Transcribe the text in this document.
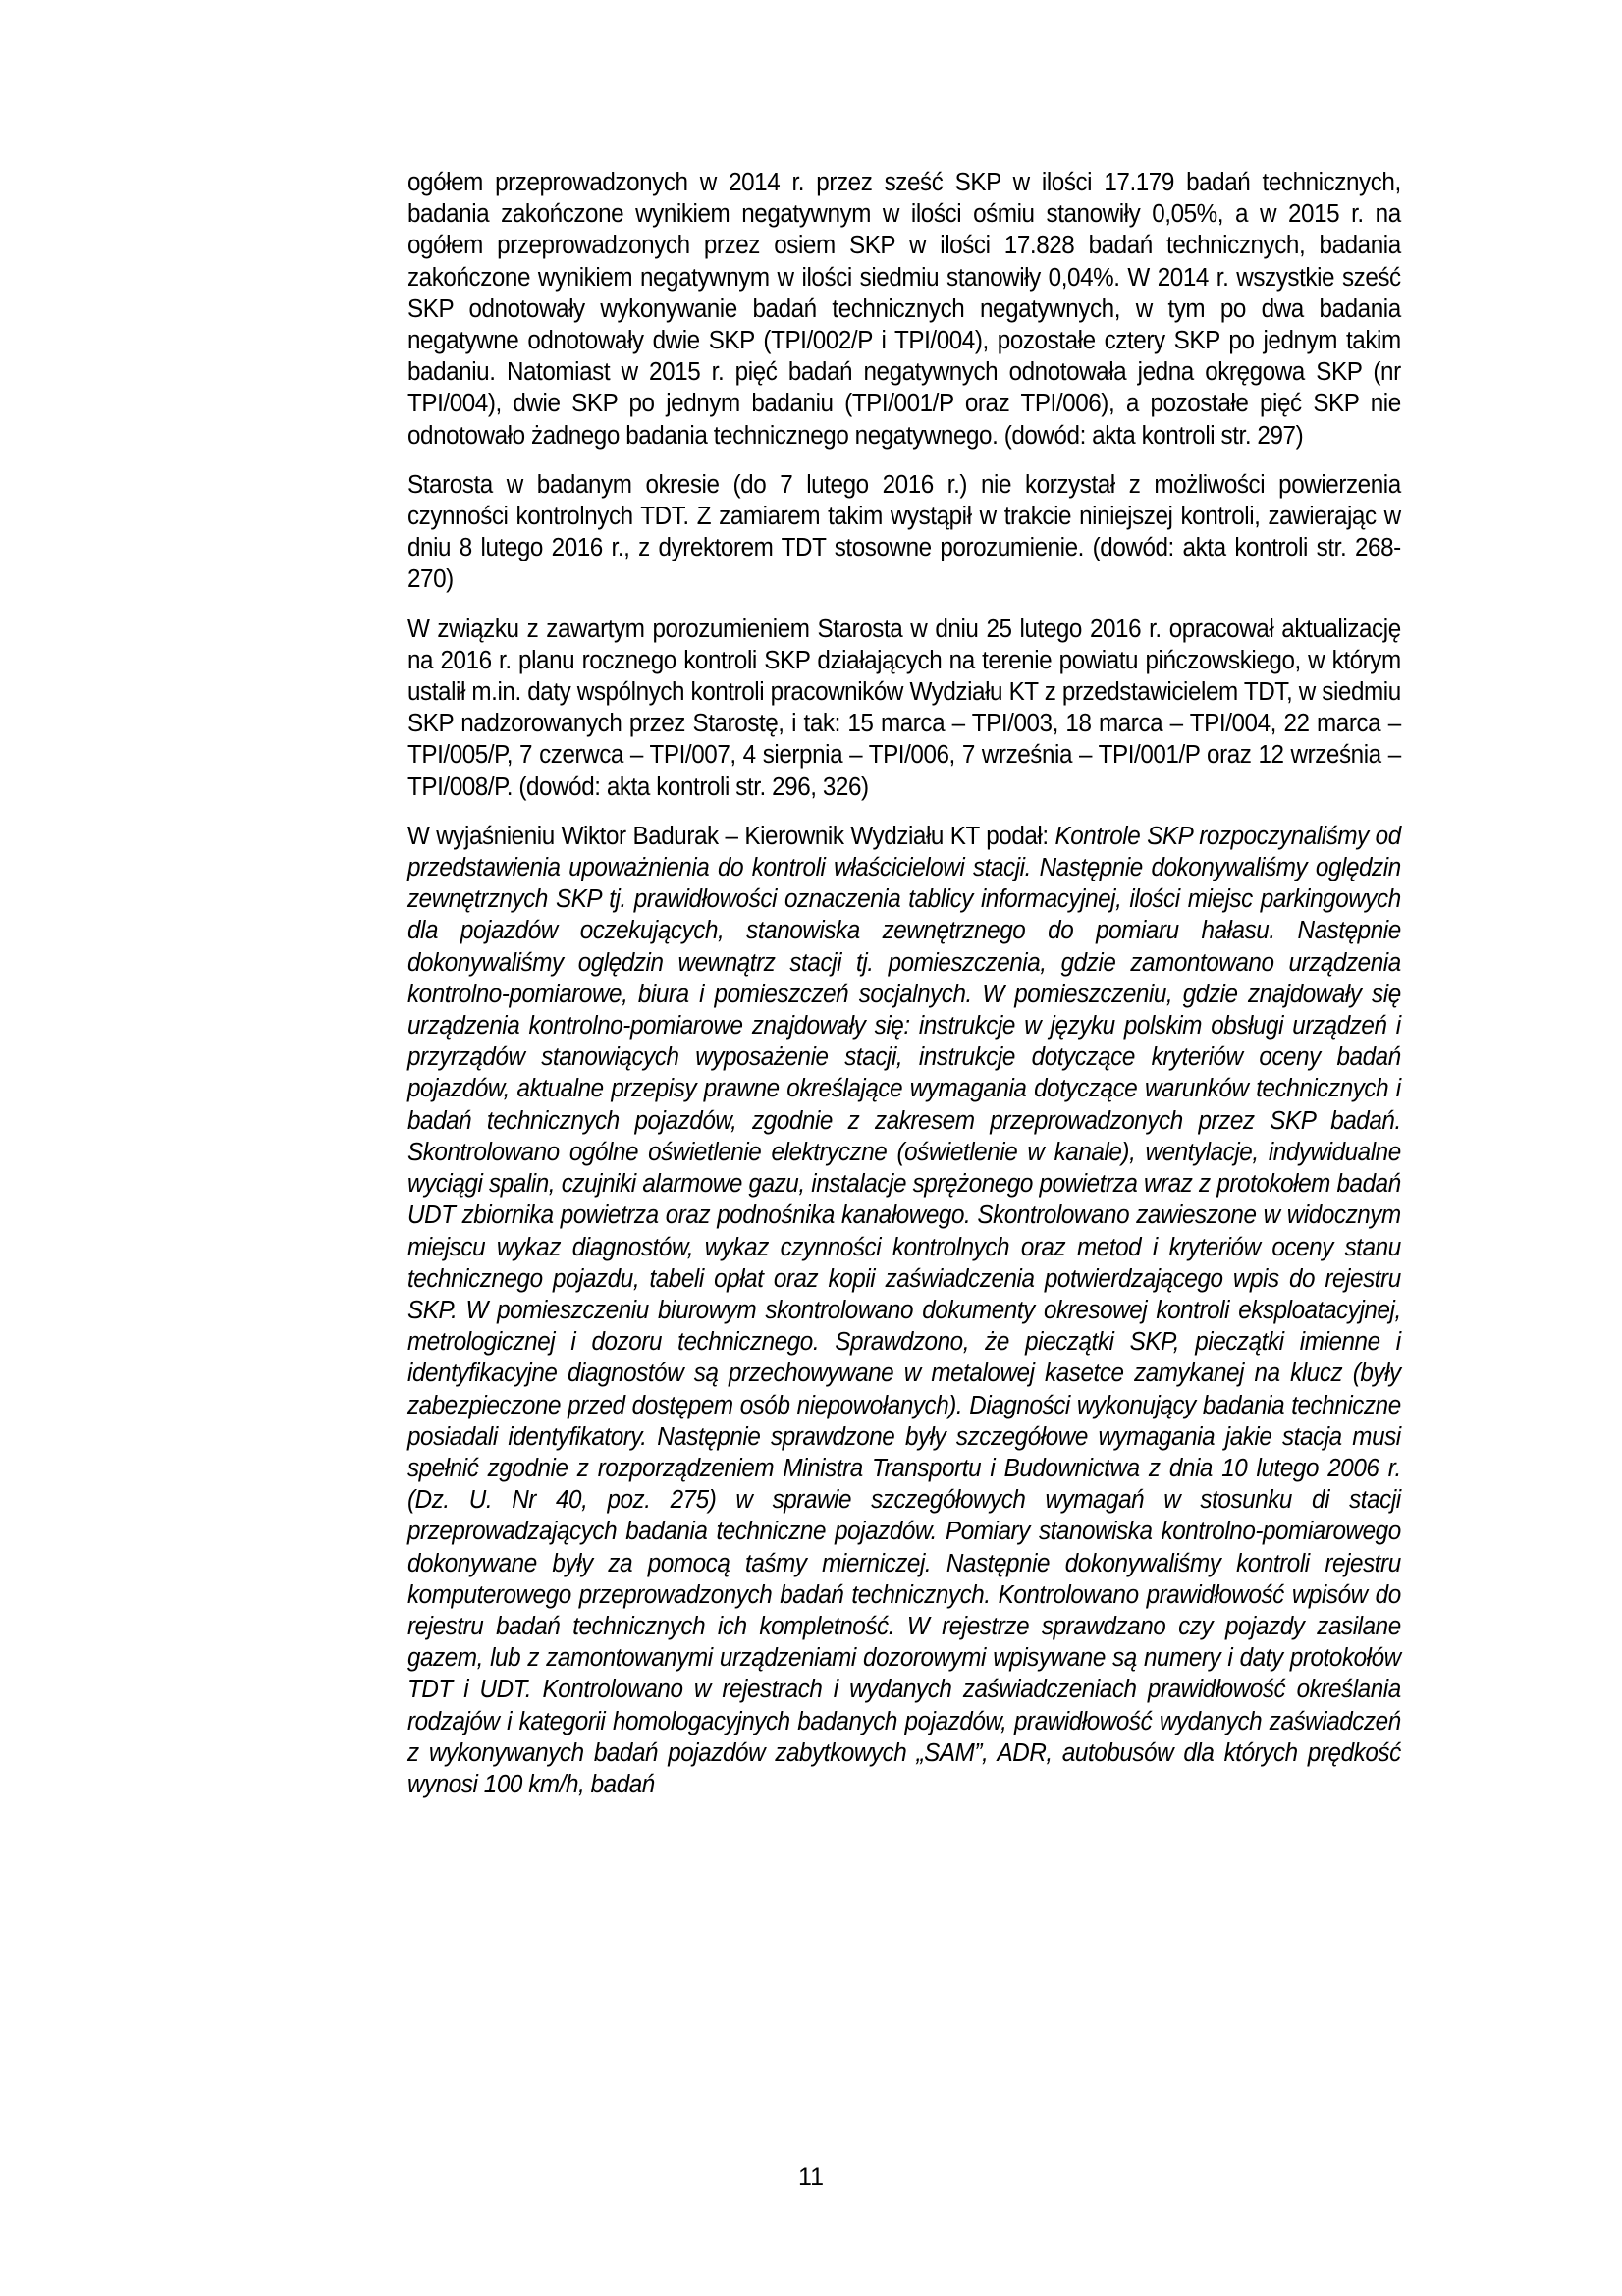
ogółem przeprowadzonych w 2014 r. przez sześć SKP w ilości 17.179 badań technicznych, badania zakończone wynikiem negatywnym w ilości ośmiu stanowiły 0,05%, a w 2015 r. na ogółem przeprowadzonych przez osiem SKP w ilości 17.828 badań technicznych, badania zakończone wynikiem negatywnym w ilości siedmiu stanowiły 0,04%. W 2014 r. wszystkie sześć SKP odnotowały wykonywanie badań technicznych negatywnych, w tym po dwa badania negatywne odnotowały dwie SKP (TPI/002/P i TPI/004), pozostałe cztery SKP po jednym takim badaniu. Natomiast w 2015 r. pięć badań negatywnych odnotowała jedna okręgowa SKP (nr TPI/004), dwie SKP po jednym badaniu (TPI/001/P oraz TPI/006), a pozostałe pięć SKP nie odnotowało żadnego badania technicznego negatywnego. (dowód: akta kontroli str. 297)

Starosta w badanym okresie (do 7 lutego 2016 r.) nie korzystał z możliwości powierzenia czynności kontrolnych TDT. Z zamiarem takim wystąpił w trakcie niniejszej kontroli, zawierając w dniu 8 lutego 2016 r., z dyrektorem TDT stosowne porozumienie. (dowód: akta kontroli str. 268-270)

W związku z zawartym porozumieniem Starosta w dniu 25 lutego 2016 r. opracował aktualizację na 2016 r. planu rocznego kontroli SKP działających na terenie powiatu pińczowskiego, w którym ustalił m.in. daty wspólnych kontroli pracowników Wydziału KT z przedstawicielem TDT, w siedmiu SKP nadzorowanych przez Starostę, i tak: 15 marca – TPI/003, 18 marca – TPI/004, 22 marca – TPI/005/P, 7 czerwca – TPI/007, 4 sierpnia – TPI/006, 7 września – TPI/001/P oraz 12 września – TPI/008/P. (dowód: akta kontroli str. 296, 326)

W wyjaśnieniu Wiktor Badurak – Kierownik Wydziału KT podał: Kontrole SKP rozpoczynaliśmy od przedstawienia upoważnienia do kontroli właścicielowi stacji. Następnie dokonywaliśmy oględzin zewnętrznych SKP tj. prawidłowości oznaczenia tablicy informacyjnej, ilości miejsc parkingowych dla pojazdów oczekujących, stanowiska zewnętrznego do pomiaru hałasu. Następnie dokonywaliśmy oględzin wewnątrz stacji tj. pomieszczenia, gdzie zamontowano urządzenia kontrolno-pomiarowe, biura i pomieszczeń socjalnych. W pomieszczeniu, gdzie znajdowały się urządzenia kontrolno-pomiarowe znajdowały się: instrukcje w języku polskim obsługi urządzeń i przyrządów stanowiących wyposażenie stacji, instrukcje dotyczące kryteriów oceny badań pojazdów, aktualne przepisy prawne określające wymagania dotyczące warunków technicznych i badań technicznych pojazdów, zgodnie z zakresem przeprowadzonych przez SKP badań. Skontrolowano ogólne oświetlenie elektryczne (oświetlenie w kanale), wentylacje, indywidualne wyciągi spalin, czujniki alarmowe gazu, instalacje sprężonego powietrza wraz z protokołem badań UDT zbiornika powietrza oraz podnośnika kanałowego. Skontrolowano zawieszone w widocznym miejscu wykaz diagnostów, wykaz czynności kontrolnych oraz metod i kryteriów oceny stanu technicznego pojazdu, tabeli opłat oraz kopii zaświadczenia potwierdzającego wpis do rejestru SKP. W pomieszczeniu biurowym skontrolowano dokumenty okresowej kontroli eksploatacyjnej, metrologicznej i dozoru technicznego. Sprawdzono, że pieczątki SKP, pieczątki imienne i identyfikacyjne diagnostów są przechowywane w metalowej kasetce zamykanej na klucz (były zabezpieczone przed dostępem osób niepowołanych). Diagności wykonujący badania techniczne posiadali identyfikatory. Następnie sprawdzone były szczegółowe wymagania jakie stacja musi spełnić zgodnie z rozporządzeniem Ministra Transportu i Budownictwa z dnia 10 lutego 2006 r. (Dz. U. Nr 40, poz. 275) w sprawie szczegółowych wymagań w stosunku di stacji przeprowadzających badania techniczne pojazdów. Pomiary stanowiska kontrolno-pomiarowego dokonywane były za pomocą taśmy mierniczej. Następnie dokonywaliśmy kontroli rejestru komputerowego przeprowadzonych badań technicznych. Kontrolowano prawidłowość wpisów do rejestru badań technicznych ich kompletność. W rejestrze sprawdzano czy pojazdy zasilane gazem, lub z zamontowanymi urządzeniami dozorowymi wpisywane są numery i daty protokołów TDT i UDT. Kontrolowano w rejestrach i wydanych zaświadczeniach prawidłowość określania rodzajów i kategorii homologacyjnych badanych pojazdów, prawidłowość wydanych zaświadczeń z wykonywanych badań pojazdów zabytkowych „SAM”, ADR, autobusów dla których prędkość wynosi 100 km/h, badań

11
